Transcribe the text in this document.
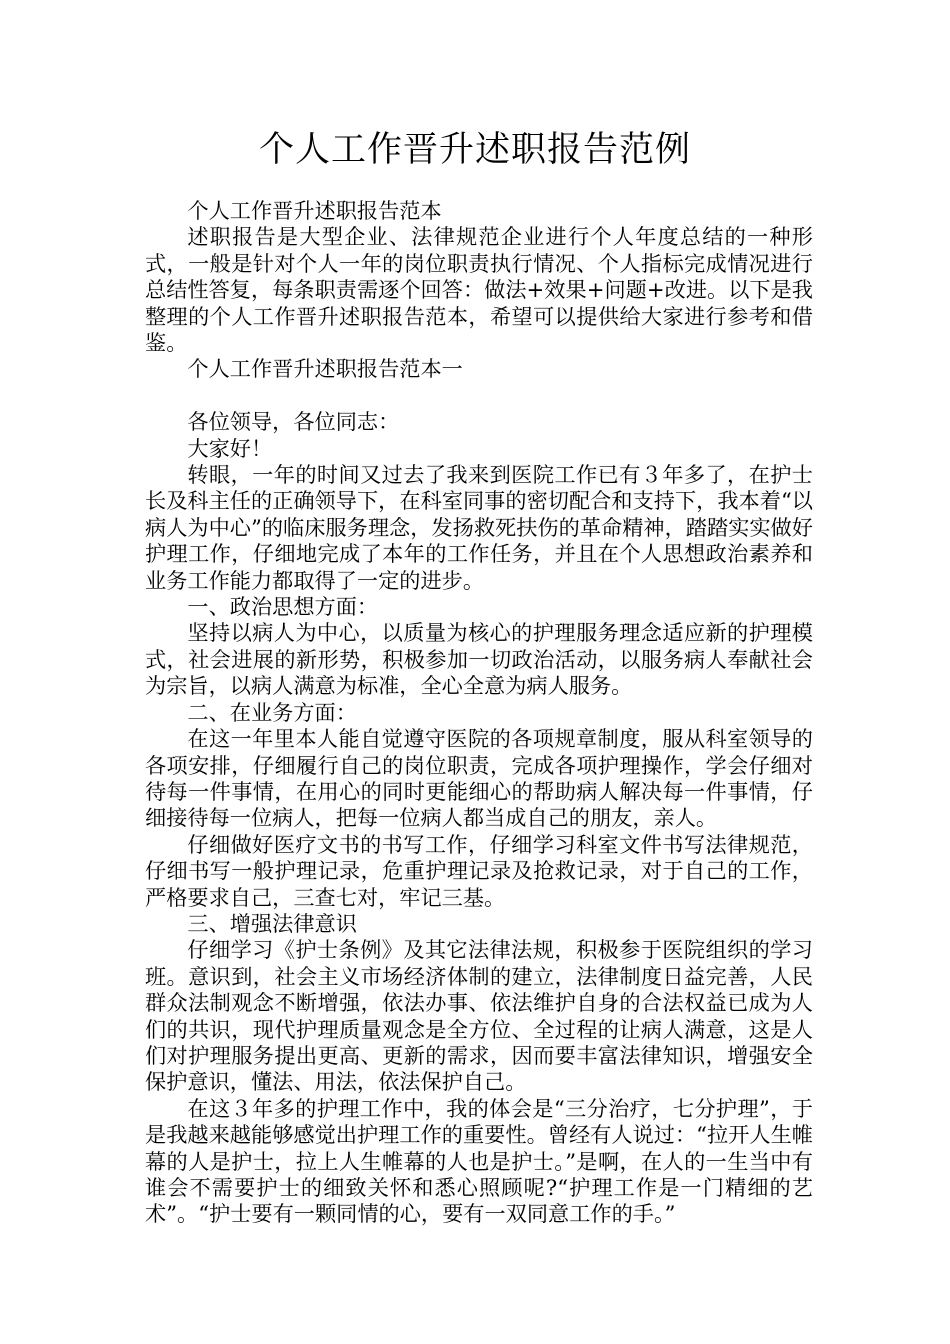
个人工作晋升述职报告范例

个人工作晋升述职报告范本

述职报告是大型企业、法律规范企业进行个人年度总结的一种形式，一般是针对个人一年的岗位职责执行情况、个人指标完成情况进行总结性答复，每条职责需逐个回答：做法+效果+问题+改进。以下是我整理的个人工作晋升述职报告范本，希望可以提供给大家进行参考和借鉴。

个人工作晋升述职报告范本一

各位领导，各位同志：

大家好！

转眼，一年的时间又过去了我来到医院工作已有３年多了，在护士长及科主任的正确领导下，在科室同事的密切配合和支持下，我本着“以病人为中心”的临床服务理念，发扬救死扶伤的革命精神，踏踏实实做好护理工作，仔细地完成了本年的工作任务，并且在个人思想政治素养和业务工作能力都取得了一定的进步。

一、政治思想方面：

坚持以病人为中心，以质量为核心的护理服务理念适应新的护理模式，社会进展的新形势，积极参加一切政治活动，以服务病人奉献社会为宗旨，以病人满意为标准，全心全意为病人服务。

二、在业务方面：

在这一年里本人能自觉遵守医院的各项规章制度，服从科室领导的各项安排，仔细履行自己的岗位职责，完成各项护理操作，学会仔细对待每一件事情，在用心的同时更能细心的帮助病人解决每一件事情，仔细接待每一位病人，把每一位病人都当成自己的朋友，亲人。

仔细做好医疗文书的书写工作，仔细学习科室文件书写法律规范，仔细书写一般护理记录，危重护理记录及抢救记录，对于自己的工作，严格要求自己，三查七对，牢记三基。

三、增强法律意识

仔细学习《护士条例》及其它法律法规，积极参于医院组织的学习班。意识到，社会主义市场经济体制的建立，法律制度日益完善，人民群众法制观念不断增强，依法办事、依法维护自身的合法权益已成为人们的共识，现代护理质量观念是全方位、全过程的让病人满意，这是人们对护理服务提出更高、更新的需求，因而要丰富法律知识，增强安全保护意识，懂法、用法，依法保护自己。

在这３年多的护理工作中，我的体会是“三分治疗，七分护理”，于是我越来越能够感觉出护理工作的重要性。曾经有人说过：“拉开人生帷幕的人是护士，拉上人生帷幕的人也是护士。”是啊，在人的一生当中有谁会不需要护士的细致关怀和悉心照顾呢?“护理工作是一门精细的艺术”。“护士要有一颗同情的心，要有一双同意工作的手。”
